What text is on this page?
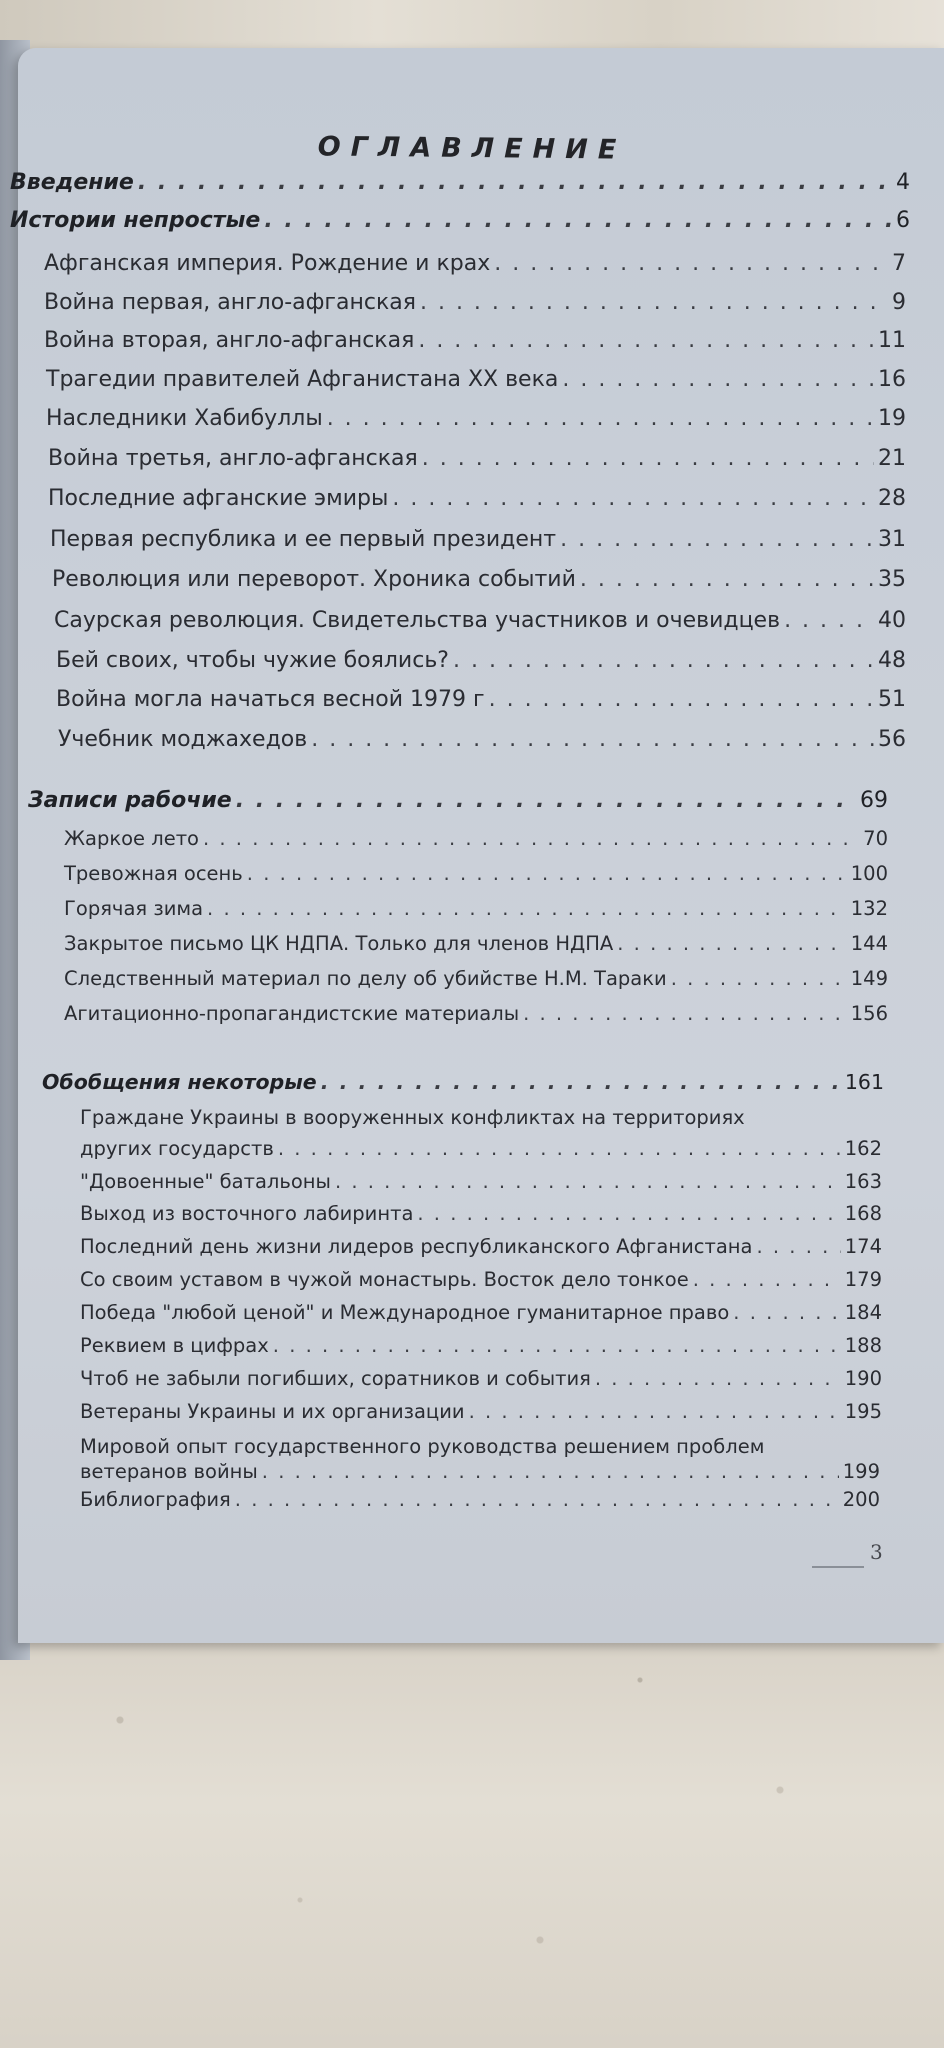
ОГЛАВЛЕНИЕ
Введение . . .	4
Истории непростые . . .	6
Афганская империя. Рождение и крах . . .	7
Война первая, англо-афганская . . .	9
Война вторая, англо-афганская . . .	11
Трагедии правителей Афганистана XX века . . .	16
Наследники Хабибуллы . . .	19
Война третья, англо-афганская . . .	21
Последние афганские эмиры . . .	28
Первая республика и ее первый президент . . .	31
Революция или переворот. Хроника событий . . .	35
Саурская революция. Свидетельства участников и очевидцев . . .	40
Бей своих, чтобы чужие боялись? . . .	48
Война могла начаться весной 1979 г . . .	51
Учебник моджахедов . . .	56
Записи рабочие . . .	69
Жаркое лето . . .	70
Тревожная осень . . .	100
Горячая зима . . .	132
Закрытое письмо ЦК НДПА. Только для членов НДПА . . .	144
Следственный материал по делу об убийстве Н.М. Тараки . . .	149
Агитационно-пропагандистские материалы . . .	156
Обобщения некоторые . . .	161
Граждане Украины в вооруженных конфликтах на территориях
других государств . . .	162
"Довоенные" батальоны . . .	163
Выход из восточного лабиринта . . .	168
Последний день жизни лидеров республиканского Афганистана . . .	174
Со своим уставом в чужой монастырь. Восток дело тонкое . . .	179
Победа "любой ценой" и Международное гуманитарное право . . .	184
Реквием в цифрах . . .	188
Чтоб не забыли погибших, соратников и события . . .	190
Ветераны Украины и их организации . . .	195
Мировой опыт государственного руководства решением проблем
ветеранов войны . . .	199
Библиография . . .	200
3
